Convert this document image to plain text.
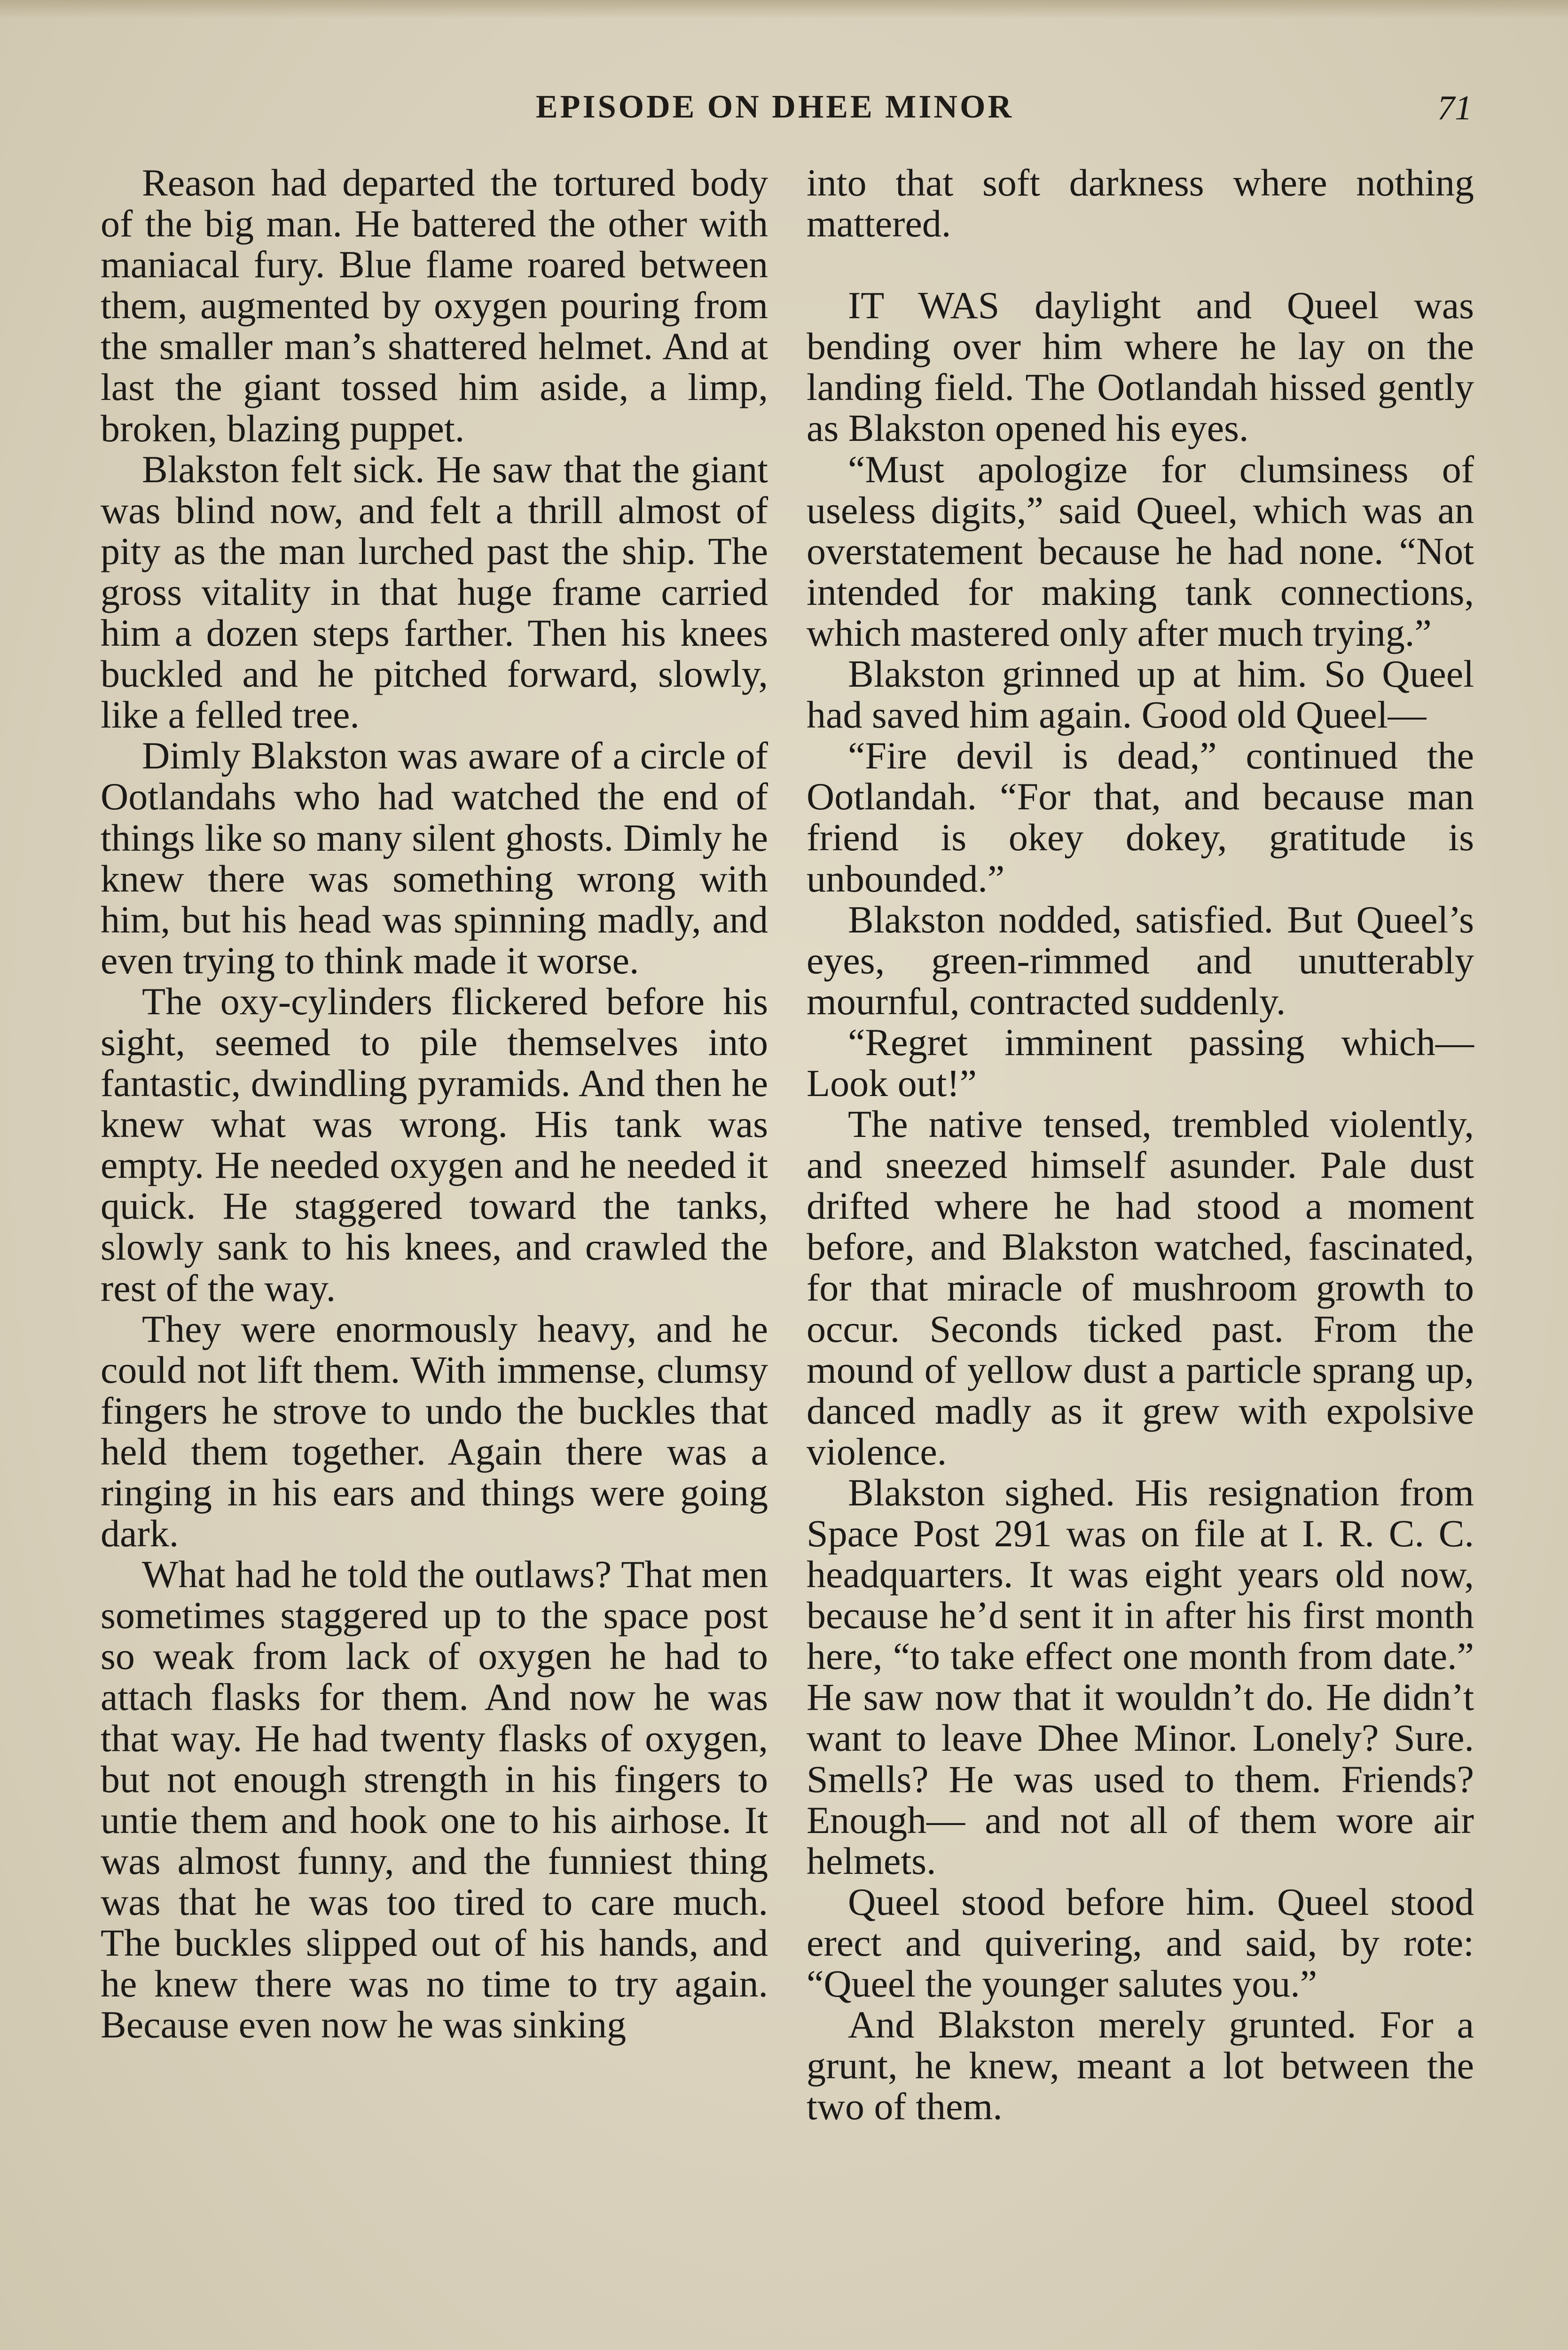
EPISODE ON DHEE MINOR	71

Reason had departed the tortured body of the big man. He battered the other with maniacal fury. Blue flame roared between them, augmented by oxygen pouring from the smaller man’s shattered helmet. And at last the giant tossed him aside, a limp, broken, blazing puppet.

Blakston felt sick. He saw that the giant was blind now, and felt a thrill almost of pity as the man lurched past the ship. The gross vitality in that huge frame carried him a dozen steps farther. Then his knees buckled and he pitched forward, slowly, like a felled tree.

Dimly Blakston was aware of a circle of Ootlandahs who had watched the end of things like so many silent ghosts. Dimly he knew there was something wrong with him, but his head was spinning madly, and even trying to think made it worse.

The oxy-cylinders flickered before his sight, seemed to pile themselves into fantastic, dwindling pyramids. And then he knew what was wrong. His tank was empty. He needed oxygen and he needed it quick. He staggered toward the tanks, slowly sank to his knees, and crawled the rest of the way.

They were enormously heavy, and he could not lift them. With immense, clumsy fingers he strove to undo the buckles that held them together. Again there was a ringing in his ears and things were going dark.

What had he told the outlaws? That men sometimes staggered up to the space post so weak from lack of oxygen he had to attach flasks for them. And now he was that way. He had twenty flasks of oxygen, but not enough strength in his fingers to untie them and hook one to his airhose. It was almost funny, and the funniest thing was that he was too tired to care much. The buckles slipped out of his hands, and he knew there was no time to try again. Because even now he was sinking

into that soft darkness where nothing mattered.

IT WAS daylight and Queel was bending over him where he lay on the landing field. The Ootlandah hissed gently as Blakston opened his eyes.

“Must apologize for clumsiness of useless digits,” said Queel, which was an overstatement because he had none. “Not intended for making tank connections, which mastered only after much trying.”

Blakston grinned up at him. So Queel had saved him again. Good old Queel—

“Fire devil is dead,” continued the Ootlandah. “For that, and because man friend is okey dokey, gratitude is unbounded.”

Blakston nodded, satisfied. But Queel’s eyes, green-rimmed and unutterably mournful, contracted suddenly.

“Regret imminent passing which— Look out!”

The native tensed, trembled violently, and sneezed himself asunder. Pale dust drifted where he had stood a moment before, and Blakston watched, fascinated, for that miracle of mushroom growth to occur. Seconds ticked past. From the mound of yellow dust a particle sprang up, danced madly as it grew with expolsive violence.

Blakston sighed. His resignation from Space Post 291 was on file at I. R. C. C. headquarters. It was eight years old now, because he’d sent it in after his first month here, “to take effect one month from date.” He saw now that it wouldn’t do. He didn’t want to leave Dhee Minor. Lonely? Sure. Smells? He was used to them. Friends? Enough— and not all of them wore air helmets.

Queel stood before him. Queel stood erect and quivering, and said, by rote: “Queel the younger salutes you.”

And Blakston merely grunted. For a grunt, he knew, meant a lot between the two of them.
